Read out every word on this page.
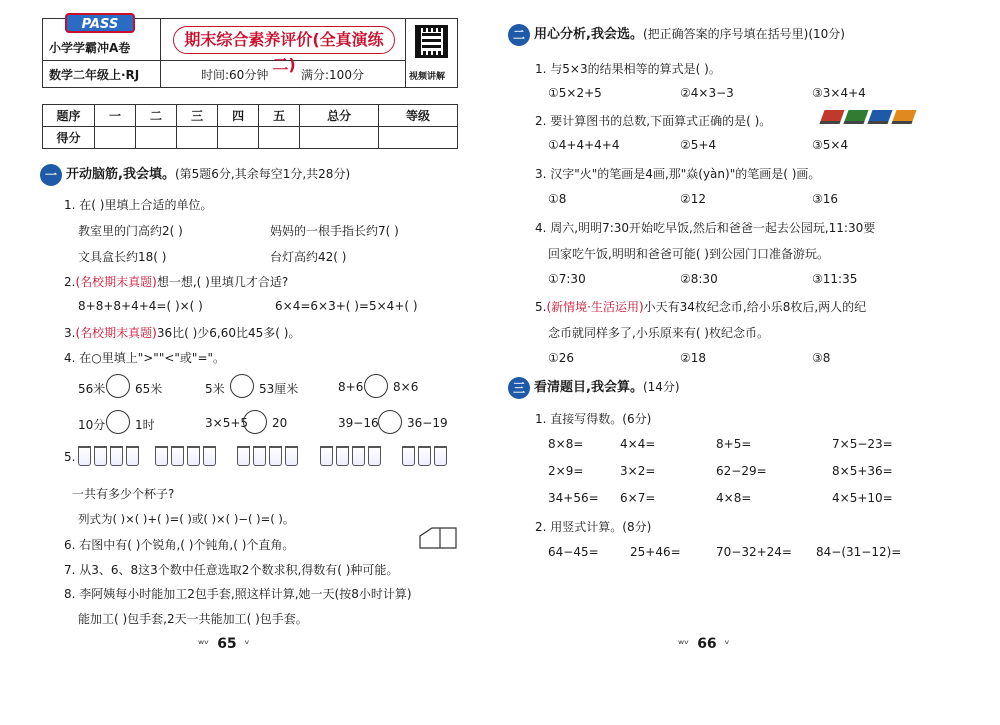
PASS
小学学霸冲A卷
数学二年级上·RJ
期末综合素养评价(全真演练二)
时间:60分钟	满分:100分	视频讲解
题序	一	二	三	四	五	总分	等级
得分							
一 开动脑筋,我会填。(第5题6分,其余每空1分,共28分)
1. 在( )里填上合适的单位。
教室里的门高约2( )	妈妈的一根手指长约7( )
文具盒长约18( )	台灯高约42( )
2.(名校期末真题)想一想,( )里填几才合适?
8+8+8+4+4=( )×( )	6×4=6×3+( )=5×4+( )
3.(名校期末真题)36比( )少6,60比45多( )。
4. 在○里填上">""<"或"="。
56米 65米	5米	53厘米	8+6 8×6
10分 1时	3×5+5 20	39−16 36−19
5.
一共有多少个杯子?
列式为( )×( )+( )=( )或( )×( )−( )=( )。
6. 右图中有( )个锐角,( )个钝角,( )个直角。
7. 从3、6、8这3个数中任意选取2个数求积,得数有( )种可能。
8. 李阿姨每小时能加工2包手套,照这样计算,她一天(按8小时计算)
能加工( )包手套,2天一共能加工( )包手套。
ʷᵛ 65 ᵛ
二 用心分析,我会选。(把正确答案的序号填在括号里)(10分)
1. 与5×3的结果相等的算式是( )。
①5×2+5	②4×3−3	③3×4+4
2. 要计算图书的总数,下面算式正确的是( )。
①4+4+4+4	②5+4	③5×4
3. 汉字"火"的笔画是4画,那"焱(yàn)"的笔画是( )画。
①8	②12	③16
4. 周六,明明7:30开始吃早饭,然后和爸爸一起去公园玩,11:30要
回家吃午饭,明明和爸爸可能( )到公园门口准备游玩。
①7:30	②8:30	③11:35
5.(新情境·生活运用)小天有34枚纪念币,给小乐8枚后,两人的纪
念币就同样多了,小乐原来有( )枚纪念币。
①26	②18	③8
三 看清题目,我会算。(14分)
1. 直接写得数。(6分)
8×8=	4×4=	8+5=	7×5−23=
2×9=	3×2=	62−29=	8×5+36=
34+56= 6×7=	4×8=	4×5+10=
2. 用竖式计算。(8分)
64−45=	25+46=	70−32+24= 84−(31−12)=
ʷᵛ 66 ᵛ
